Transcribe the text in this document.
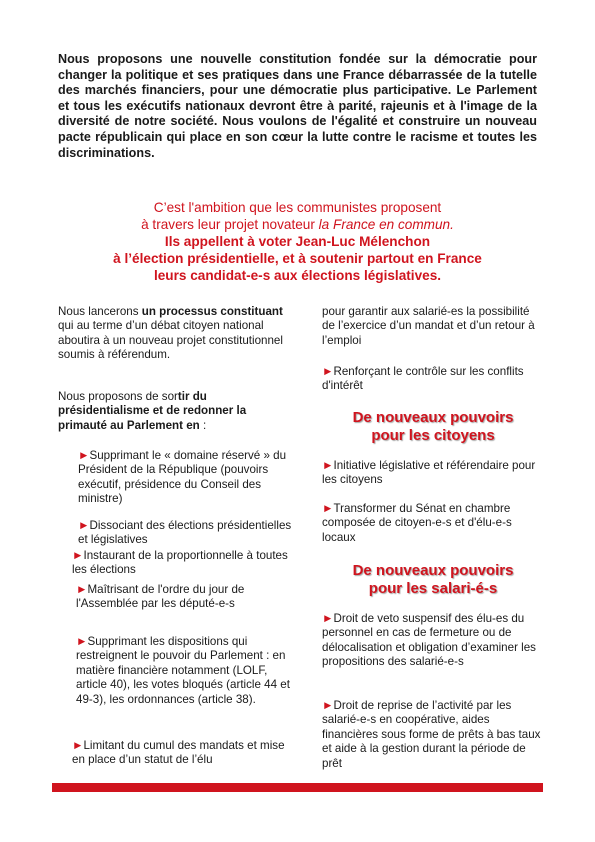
Nous proposons une nouvelle constitution fondée sur la démocratie pour changer la politique et ses pratiques dans une France débarrassée de la tutelle des marchés financiers, pour une démocratie plus participative. Le Parlement et tous les exécutifs nationaux devront être à parité, rajeunis et à l'image de la diversité de notre société. Nous voulons de l'égalité et construire un nouveau pacte républicain qui place en son cœur la lutte contre le racisme et toutes les discriminations.

C’est l'ambition que les communistes proposent

à travers leur projet novateur la France en commun.

Ils appellent à voter Jean-Luc Mélenchon

à l’élection présidentielle, et à soutenir partout en France

leurs candidat-e-s aux élections législatives.

Nous lancerons un processus constituant qui au terme d’un débat citoyen national aboutira à un nouveau projet constitutionnel soumis à référendum.

Nous proposons de sortir du présidentialisme et de redonner la primauté au Parlement en :

►Supprimant le « domaine réservé » du Président de la République (pouvoirs exécutif, présidence du Conseil des ministre)

►Dissociant des élections présidentielles et législatives

►Instaurant de la proportionnelle à toutes les élections

►Maîtrisant de l'ordre du jour de l'Assemblée par les député-e-s

►Supprimant les dispositions qui restreignent le pouvoir du Parlement : en matière financière notamment (LOLF, article 40), les votes bloqués (article 44 et 49-3), les ordonnances (article 38).

►Limitant du cumul des mandats et mise en place d’un statut de l’élu

pour garantir aux salarié-es la possibilité de l’exercice d’un mandat et d’un retour à l’emploi

►Renforçant le contrôle sur les conflits d'intérêt

De nouveaux pouvoirs
pour les citoyens

►Initiative législative et référendaire pour les citoyens

►Transformer du Sénat en chambre composée de citoyen-e-s et d'élu-e-s locaux

De nouveaux pouvoirs
pour les salari-é-s

►Droit de veto suspensif des élu-es du personnel en cas de fermeture ou de délocalisation et obligation d’examiner les propositions des salarié-e-s

►Droit de reprise de l’activité par les salarié-e-s en coopérative, aides financières sous forme de prêts à bas taux et aide à la gestion durant la période de prêt
